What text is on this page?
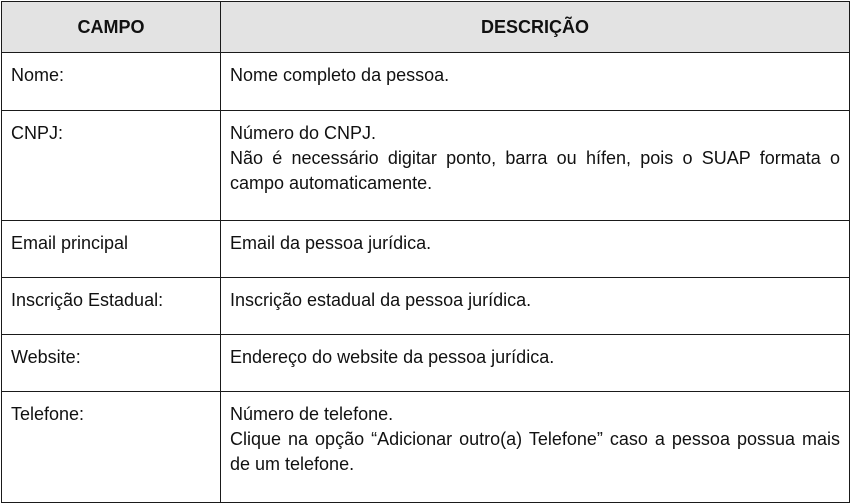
CAMPO	DESCRIÇÃO
Nome:	Nome completo da pessoa.

CNPJ:	Número do CNPJ.
Não é necessário digitar ponto, barra ou hífen, pois o SUAP formata o campo automaticamente.

Email principal	Email da pessoa jurídica.

Inscrição Estadual:	Inscrição estadual da pessoa jurídica.

Website:	Endereço do website da pessoa jurídica.

Telefone:	Número de telefone.
Clique na opção “Adicionar outro(a) Telefone” caso a pessoa possua mais de um telefone.
